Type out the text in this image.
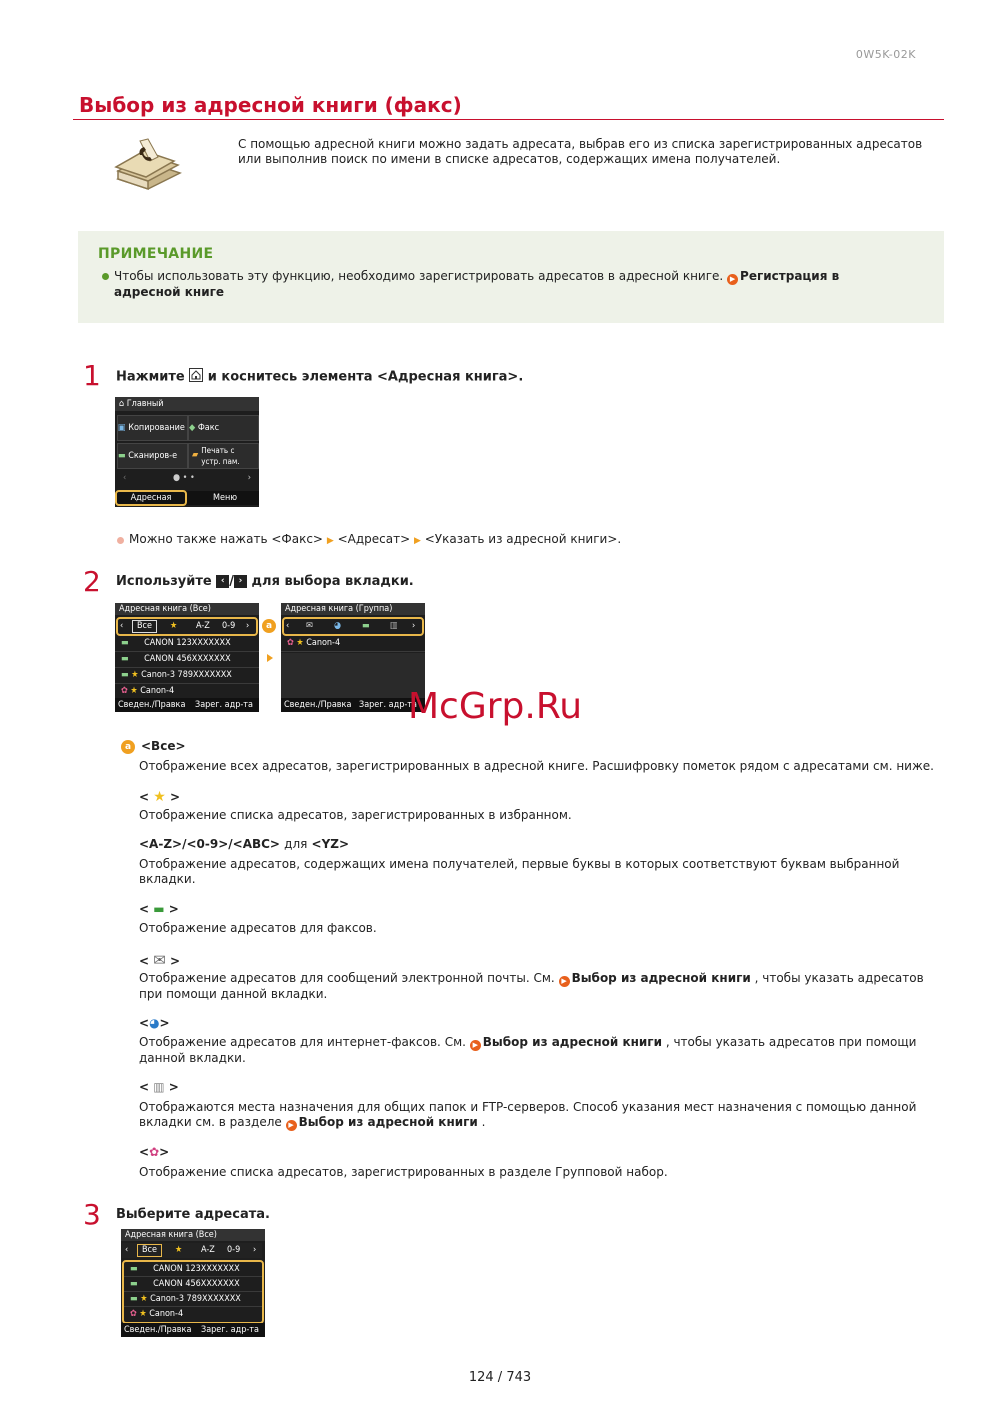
0W5K-02K
Выбор из адресной книги (факс)
С помощью адресной книги можно задать адресата, выбрав его из списка зарегистрированных адресатов или выполнив поиск по имени в списке адресатов, содержащих имена получателей.
ПРИМЕЧАНИЕ
Чтобы использовать эту функцию, необходимо зарегистрировать адресатов в адресной книге. ▶ Регистрация в адресной книге
1 Нажмите и коснитесь элемента <Адресная книга>.
⌂ Главный
▣ Копирование ◆ Факс
▬ Сканиров-е	▰ Печать с устр. пам.
‹	● • •	›
Адресная книга
Меню
Можно также нажать <Факс> ▶ <Адресат> ▶ <Указать из адресной книги>.
2 Используйте ‹ / › для выбора вкладки.
Адресная книга (Все)
‹	Все	★ A-Z 0-9 ›
▬ CANON 123XXXXXXX
▬ CANON 456XXXXXXX
▬ ★ Canon-3 789XXXXXXX
✿ ★ Canon-4
Сведен./Правка Зарег. адр-та
a
Адресная книга (Группа)
‹ ✉ ◕ ▬ ▥ ›
✿ ★ Canon-4
Сведен./Правка Зарег. адр-та
McGrp.Ru
a <Все>
Отображение всех адресатов, зарегистрированных в адресной книге. Расшифровку пометок рядом с адресатами см. ниже.
< ★ >
Отображение списка адресатов, зарегистрированных в избранном.
<A-Z>/<0-9>/<ABC> для <YZ>
Отображение адресатов, содержащих имена получателей, первые буквы в которых соответствуют буквам выбранной вкладки.
< ▬ >
Отображение адресатов для факсов.
< ✉ >
Отображение адресатов для сообщений электронной почты. См. ▶ Выбор из адресной книги , чтобы указать адресатов при помощи данной вкладки.
<◕>
Отображение адресатов для интернет-факсов. См. ▶ Выбор из адресной книги , чтобы указать адресатов при помощи данной вкладки.
< ▥ >
Отображаются места назначения для общих папок и FTP-серверов. Способ указания мест назначения с помощью данной вкладки см. в разделе ▶ Выбор из адресной книги .
<✿>
Отображение списка адресатов, зарегистрированных в разделе Групповой набор.
3 Выберите адресата.
Адресная книга (Все)
‹	Все	★ A-Z 0-9 ›
▬ CANON 123XXXXXXX
▬ CANON 456XXXXXXX
▬ ★ Canon-3 789XXXXXXX
✿ ★ Canon-4
Сведен./Правка Зарег. адр-та
124 / 743
